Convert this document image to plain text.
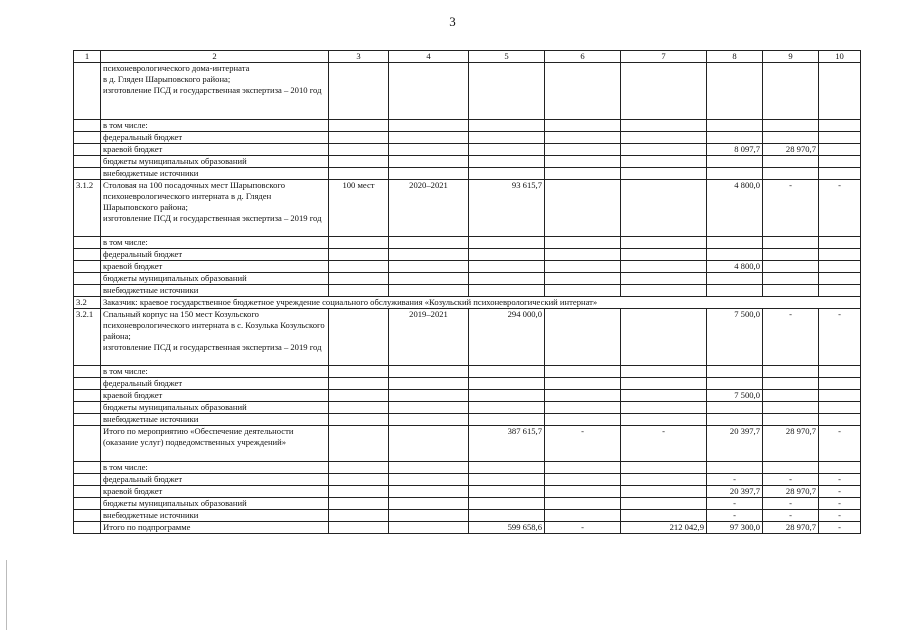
3
1	2	3	4	5	6	7	8	9	10
	психоневрологического дома-интерната
в д. Гляден Шарыповского района;
изготовление ПСД и государственная экспертиза – 2010 год								
	в том числе:								
	федеральный бюджет								
	краевой бюджет						8 097,7	28 970,7	
	бюджеты муниципальных образований								
	внебюджетные источники								
3.1.2	Столовая на 100 посадочных мест Шарыповского психоневрологического интерната в д. Гляден Шарыповского района;
изготовление ПСД и государственная экспертиза – 2019 год	100 мест	2020–2021	93 615,7			4 800,0	-	-
	в том числе:								
	федеральный бюджет								
	краевой бюджет						4 800,0		
	бюджеты муниципальных образований								
	внебюджетные источники								
3.2	Заказчик: краевое государственное бюджетное учреждение социального обслуживания «Козульский психоневрологический интернат»								
3.2.1	Спальный корпус на 150 мест Козульского психоневрологического интерната в с. Козулька Козульского района;
изготовление ПСД и государственная экспертиза – 2019 год		2019–2021	294 000,0			7 500,0	-	-
	в том числе:								
	федеральный бюджет								
	краевой бюджет						7 500,0		
	бюджеты муниципальных образований								
	внебюджетные источники								
	Итого по мероприятию «Обеспечение деятельности (оказание услуг) подведомственных учреждений»			387 615,7	-	-	20 397,7	28 970,7	-
	в том числе:								
	федеральный бюджет						-	-	-
	краевой бюджет						20 397,7	28 970,7	-
	бюджеты муниципальных образований						-	-	-
	внебюджетные источники						-	-	-
	Итого по подпрограмме			599 658,6	-	212 042,9	97 300,0	28 970,7	-
